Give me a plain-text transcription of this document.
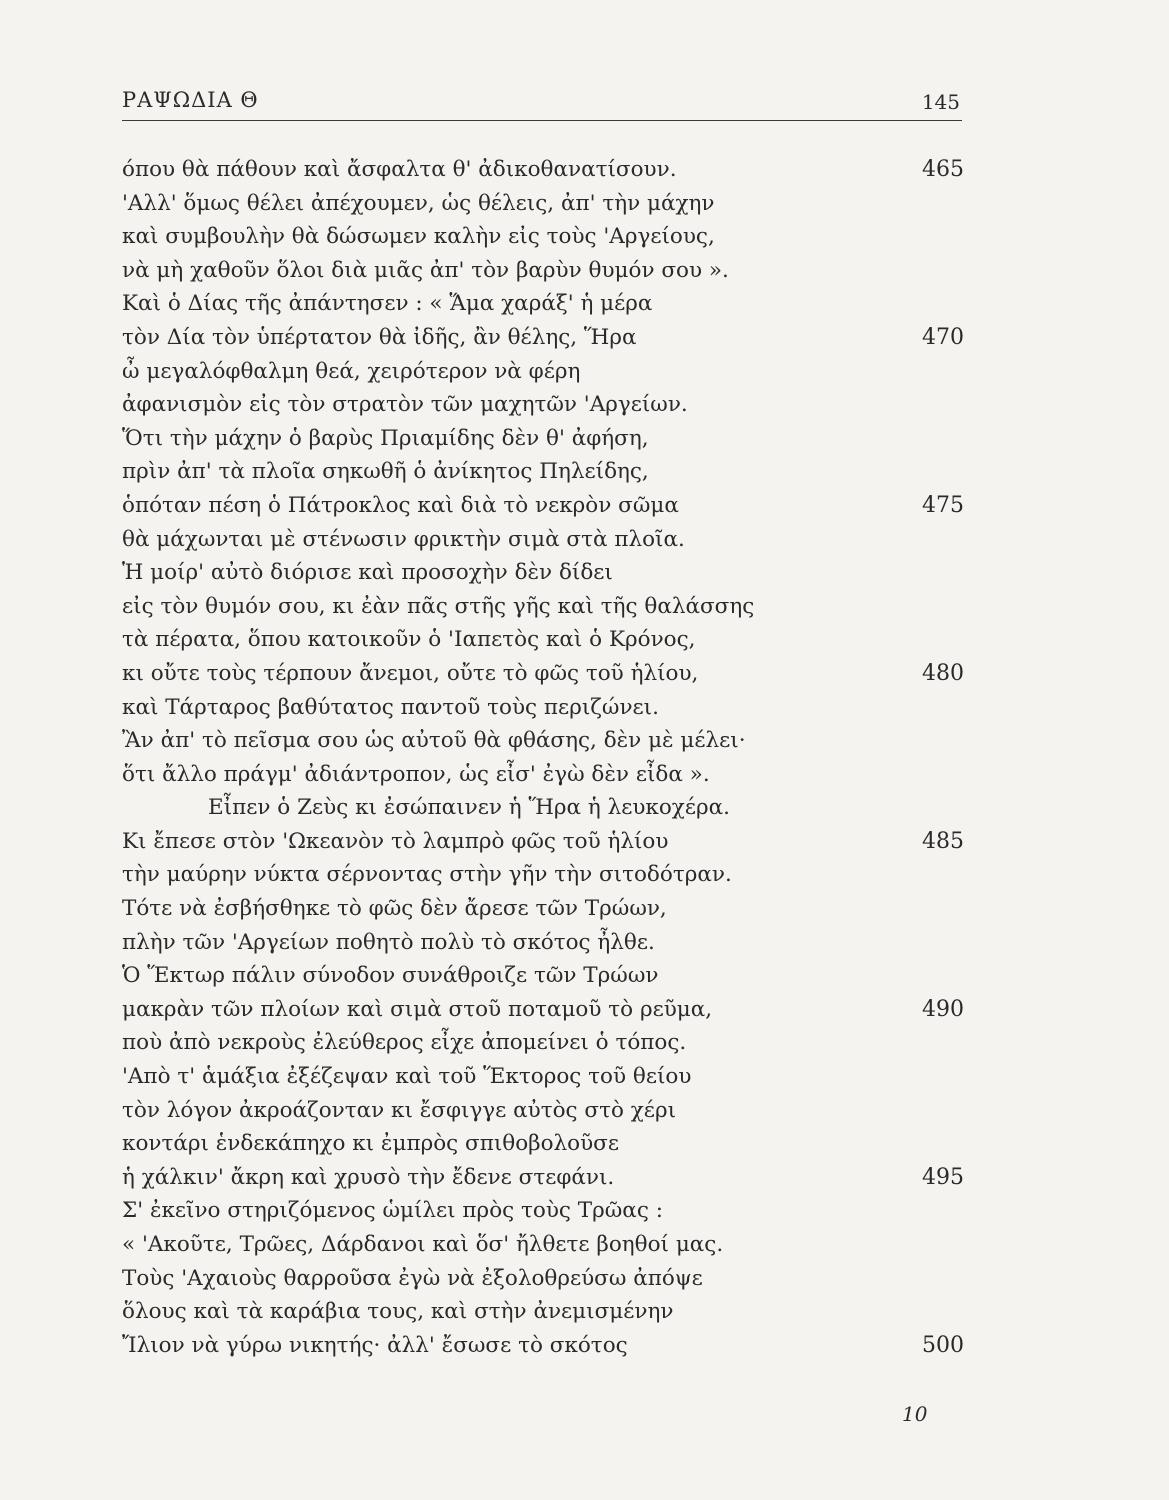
ΡΑΨΩΔΙΑ Θ	145
όπου θὰ πάθουν καὶ ἄσφαλτα θ' ἀδικοθανατίσουν.	465
'Αλλ' ὅμως θέλει ἀπέχουμεν, ὡς θέλεις, ἀπ' τὴν μάχην
καὶ συμβουλὴν θὰ δώσωμεν καλὴν εἰς τοὺς 'Αργείους,
νὰ μὴ χαθοῦν ὅλοι διὰ μιᾶς ἀπ' τὸν βαρὺν θυμόν σου ».
Καὶ ὁ Δίας τῆς ἀπάντησεν : « Ἅμα χαράξ' ἡ μέρα
τὸν Δία τὸν ὑπέρτατον θὰ ἰδῆς, ἂν θέλης, Ἥρα	470
ὦ μεγαλόφθαλμη θεά, χειρότερον νὰ φέρη
ἀφανισμὸν εἰς τὸν στρατὸν τῶν μαχητῶν 'Αργείων.
Ὅτι τὴν μάχην ὁ βαρὺς Πριαμίδης δὲν θ' ἀφήση,
πρὶν ἀπ' τὰ πλοῖα σηκωθῆ ὁ ἀνίκητος Πηλείδης,
ὁπόταν πέση ὁ Πάτροκλος καὶ διὰ τὸ νεκρὸν σῶμα	475
θὰ μάχωνται μὲ στένωσιν φρικτὴν σιμὰ στὰ πλοῖα.
Ἡ μοίρ' αὐτὸ διόρισε καὶ προσοχὴν δὲν δίδει
εἰς τὸν θυμόν σου, κι ἐὰν πᾶς στῆς γῆς καὶ τῆς θαλάσσης
τὰ πέρατα, ὅπου κατοικοῦν ὁ 'Ιαπετὸς καὶ ὁ Κρόνος,
κι οὔτε τοὺς τέρπουν ἄνεμοι, οὔτε τὸ φῶς τοῦ ἡλίου,	480
καὶ Τάρταρος βαθύτατος παντοῦ τοὺς περιζώνει.
Ἂν ἀπ' τὸ πεῖσμα σου ὡς αὐτοῦ θὰ φθάσης, δὲν μὲ μέλει·
ὅτι ἄλλο πράγμ' ἀδιάντροπον, ὡς εἶσ' ἐγὼ δὲν εἶδα ».
Εἶπεν ὁ Ζεὺς κι ἐσώπαινεν ἡ Ἥρα ἡ λευκοχέρα.
Κι ἔπεσε στὸν 'Ωκεανὸν τὸ λαμπρὸ φῶς τοῦ ἡλίου	485
τὴν μαύρην νύκτα σέρνοντας στὴν γῆν τὴν σιτοδότραν.
Τότε νὰ ἐσβήσθηκε τὸ φῶς δὲν ἄρεσε τῶν Τρώων,
πλὴν τῶν 'Αργείων ποθητὸ πολὺ τὸ σκότος ἦλθε.
Ὁ Ἕκτωρ πάλιν σύνοδον συνάθροιζε τῶν Τρώων
μακρὰν τῶν πλοίων καὶ σιμὰ στοῦ ποταμοῦ τὸ ρεῦμα,	490
ποὺ ἀπὸ νεκροὺς ἐλεύθερος εἶχε ἀπομείνει ὁ τόπος.
'Απὸ τ' ἁμάξια ἐξέζεψαν καὶ τοῦ Ἕκτορος τοῦ θείου
τὸν λόγον ἀκροάζονταν κι ἔσφιγγε αὐτὸς στὸ χέρι
κοντάρι ἑνδεκάπηχο κι ἐμπρὸς σπιθοβολοῦσε
ἡ χάλκιν' ἄκρη καὶ χρυσὸ τὴν ἔδενε στεφάνι.	495
Σ' ἐκεῖνο στηριζόμενος ὡμίλει πρὸς τοὺς Τρῶας :
« 'Ακοῦτε, Τρῶες, Δάρδανοι καὶ ὅσ' ἤλθετε βοηθοί μας.
Τοὺς 'Αχαιοὺς θαρροῦσα ἐγὼ νὰ ἐξολοθρεύσω ἀπόψε
ὅλους καὶ τὰ καράβια τους, καὶ στὴν ἀνεμισμένην
Ἴλιον νὰ γύρω νικητής· ἀλλ' ἔσωσε τὸ σκότος	500
10
